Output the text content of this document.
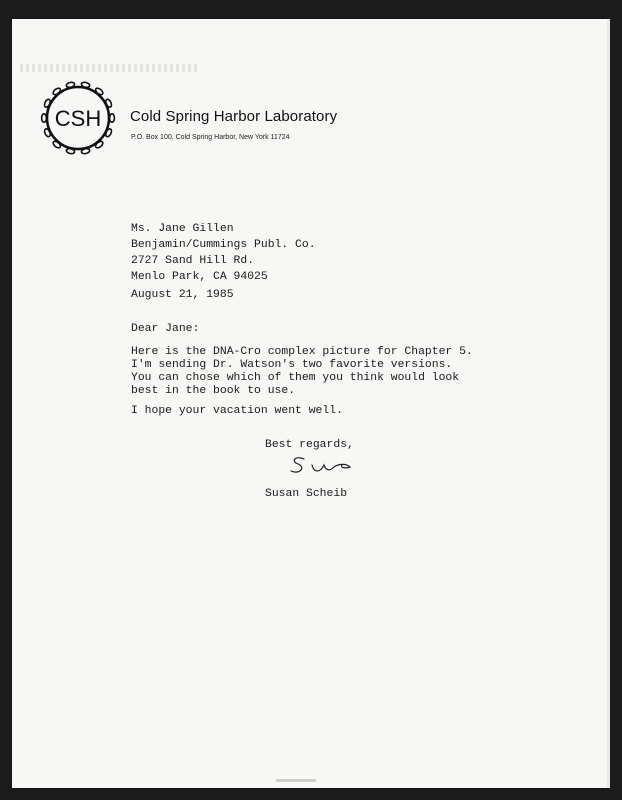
CSH Cold Spring Harbor Laboratory
P.O. Box 100, Cold Spring Harbor, New York 11724
Ms. Jane Gillen
Benjamin/Cummings Publ. Co.
2727 Sand Hill Rd.
Menlo Park, CA 94025
August 21, 1985
Dear Jane:
Here is the DNA-Cro complex picture for Chapter 5.
I'm sending Dr. Watson's two favorite versions.
You can chose which of them you think would look
best in the book to use.
I hope your vacation went well.
Best regards,
Susan Scheib
